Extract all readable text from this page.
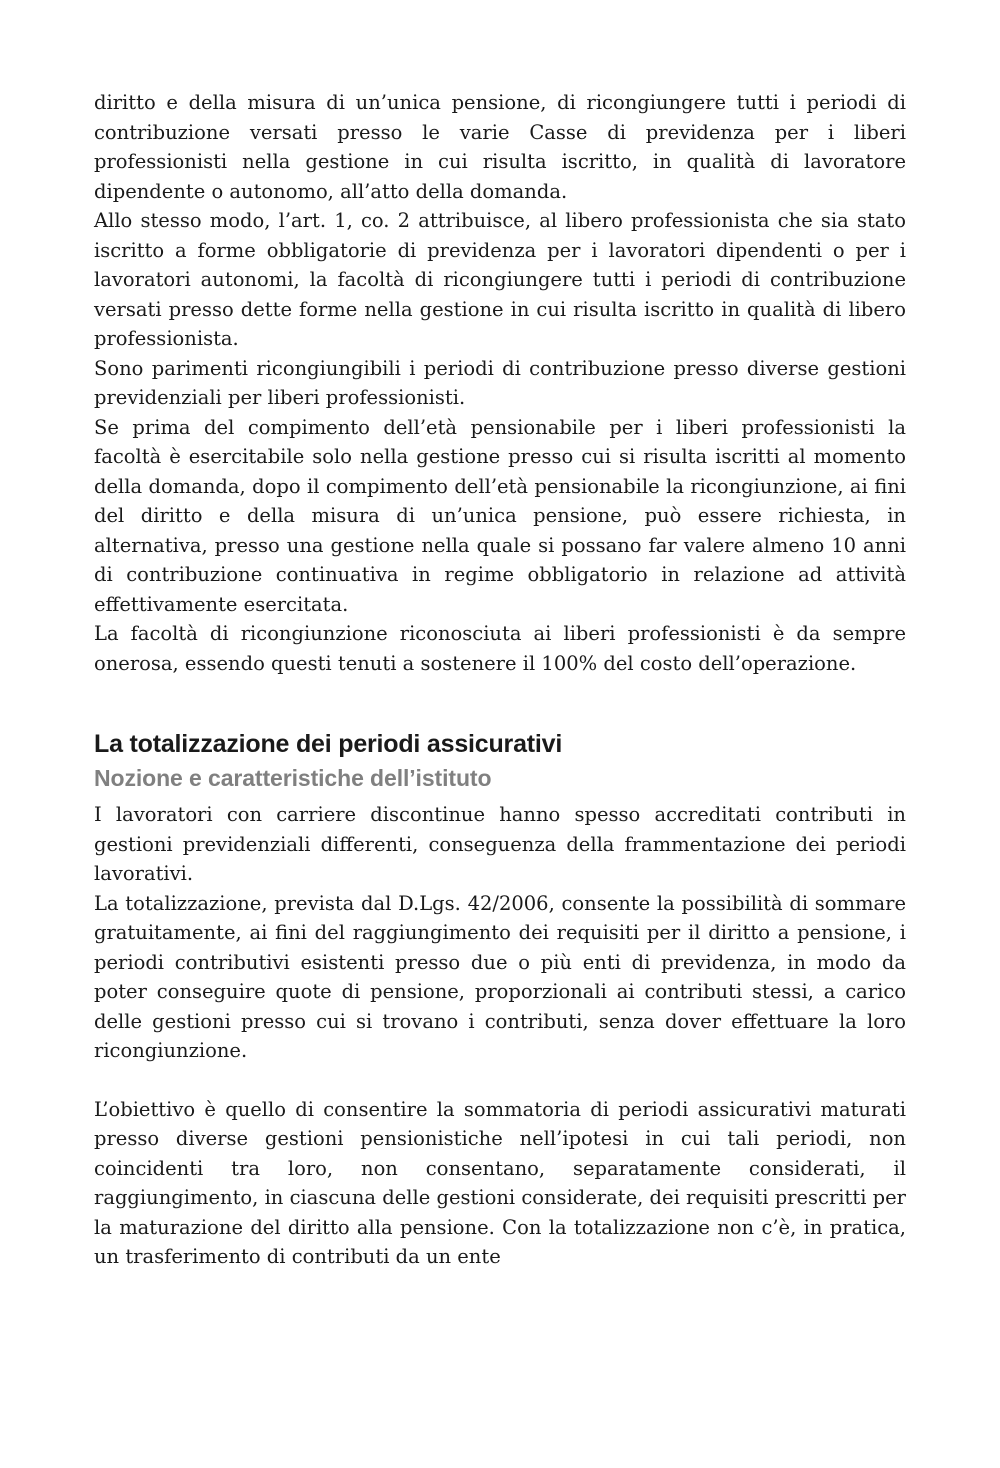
diritto e della misura di un’unica pensione, di ricongiungere tutti i periodi di contribuzione versati presso le varie Casse di previdenza per i liberi professionisti nella gestione in cui risulta iscritto, in qualità di lavoratore dipendente o autonomo, all’atto della domanda.

Allo stesso modo, l’art. 1, co. 2 attribuisce, al libero professionista che sia stato iscritto a forme obbligatorie di previdenza per i lavoratori dipendenti o per i lavoratori autonomi, la facoltà di ricongiungere tutti i periodi di contribuzione versati presso dette forme nella gestione in cui risulta iscritto in qualità di libero professionista.

Sono parimenti ricongiungibili i periodi di contribuzione presso diverse gestioni previdenziali per liberi professionisti.

Se prima del compimento dell’età pensionabile per i liberi professionisti la facoltà è esercitabile solo nella gestione presso cui si risulta iscritti al momento della domanda, dopo il compimento dell’età pensionabile la ricongiunzione, ai fini del diritto e della misura di un’unica pensione, può essere richiesta, in alternativa, presso una gestione nella quale si possano far valere almeno 10 anni di contribuzione continuativa in regime obbligatorio in relazione ad attività effettivamente esercitata.

La facoltà di ricongiunzione riconosciuta ai liberi professionisti è da sempre onerosa, essendo questi tenuti a sostenere il 100% del costo dell’operazione.

La totalizzazione dei periodi assicurativi
Nozione e caratteristiche dell’istituto

I lavoratori con carriere discontinue hanno spesso accreditati contributi in gestioni previdenziali differenti, conseguenza della frammentazione dei periodi lavorativi.

La totalizzazione, prevista dal D.Lgs. 42/2006, consente la possibilità di sommare gratuitamente, ai fini del raggiungimento dei requisiti per il diritto a pensione, i periodi contributivi esistenti presso due o più enti di previdenza, in modo da poter conseguire quote di pensione, proporzionali ai contributi stessi, a carico delle gestioni presso cui si trovano i contributi, senza dover effettuare la loro ricongiunzione.

L’obiettivo è quello di consentire la sommatoria di periodi assicurativi maturati presso diverse gestioni pensionistiche nell’ipotesi in cui tali periodi, non coincidenti tra loro, non consentano, separatamente considerati, il raggiungimento, in ciascuna delle gestioni considerate, dei requisiti prescritti per la maturazione del diritto alla pensione. Con la totalizzazione non c’è, in pratica, un trasferimento di contributi da un ente
